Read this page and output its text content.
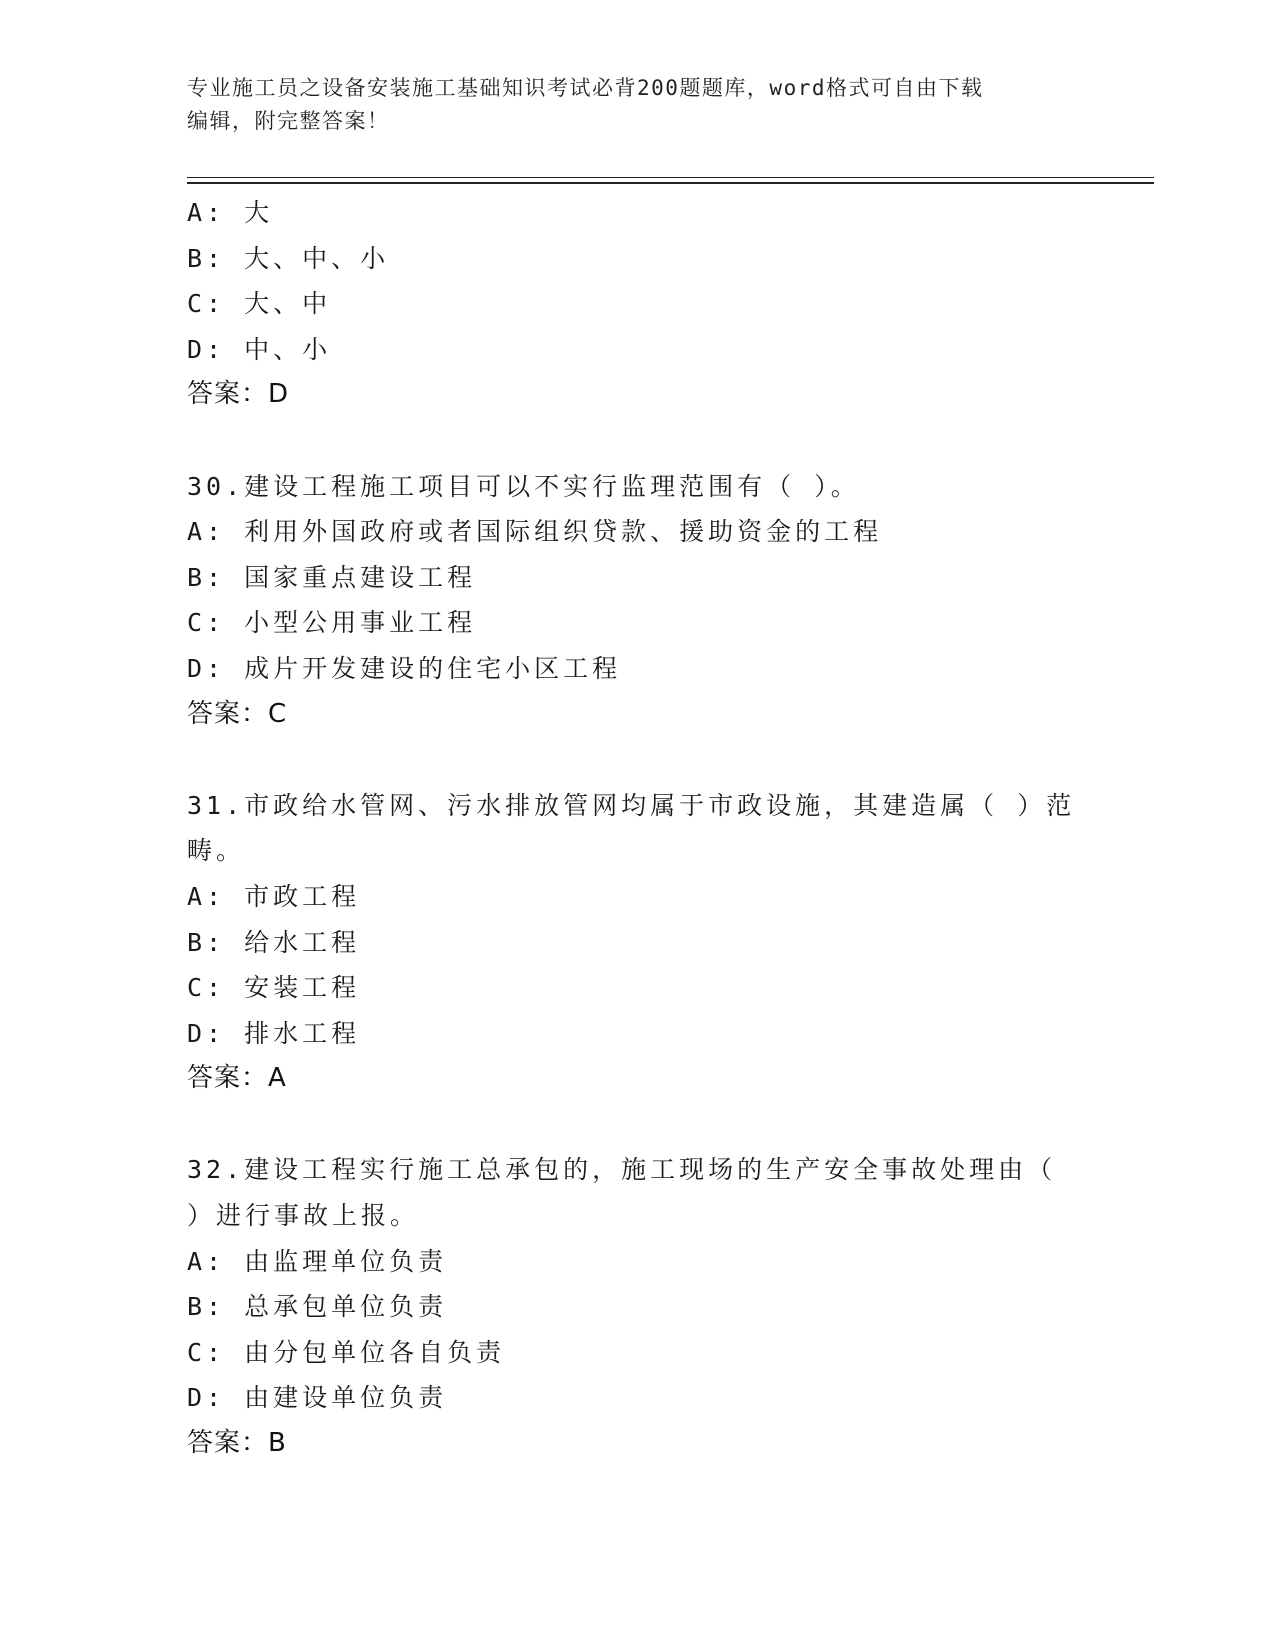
专业施工员之设备安装施工基础知识考试必背200题题库，word格式可自由下载
编辑，附完整答案！
A: 大
B: 大、中、小
C: 大、中
D: 中、小
答案：D
30.建设工程施工项目可以不实行监理范围有（ ）。
A: 利用外国政府或者国际组织贷款、援助资金的工程
B: 国家重点建设工程
C: 小型公用事业工程
D: 成片开发建设的住宅小区工程
答案：C
31.市政给水管网、污水排放管网均属于市政设施，其建造属（ ）范
畴。
A: 市政工程
B: 给水工程
C: 安装工程
D: 排水工程
答案：A
32.建设工程实行施工总承包的，施工现场的生产安全事故处理由（
）进行事故上报。
A: 由监理单位负责
B: 总承包单位负责
C: 由分包单位各自负责
D: 由建设单位负责
答案：B
